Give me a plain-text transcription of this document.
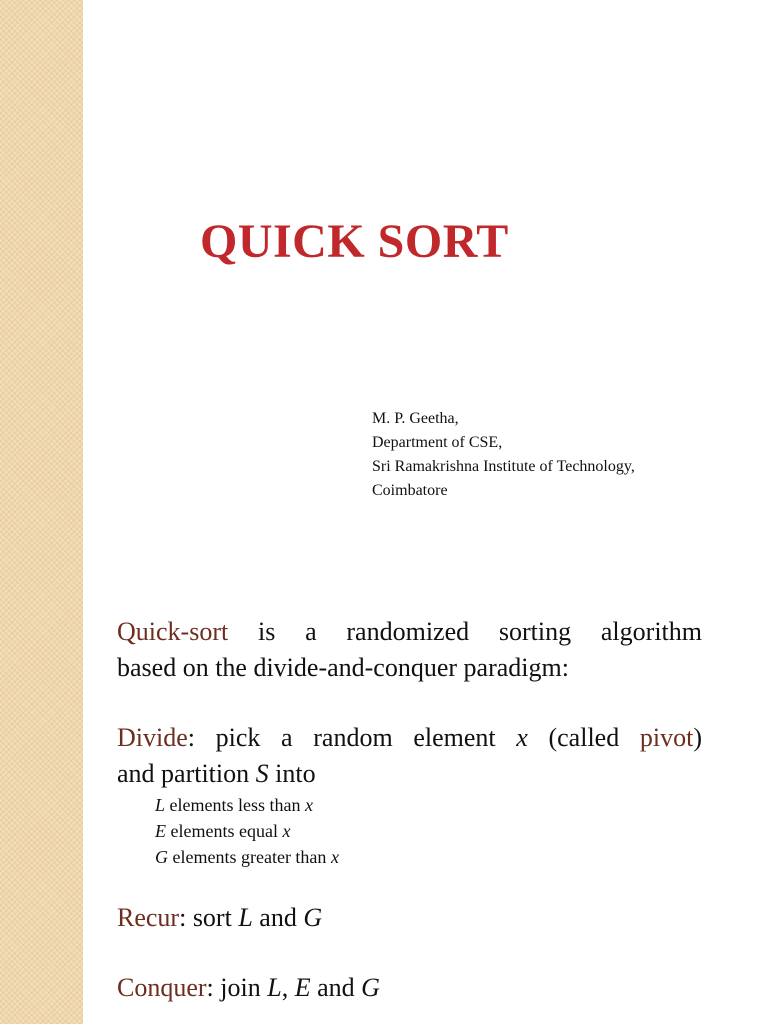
QUICK SORT
M. P. Geetha,
Department of CSE,
Sri Ramakrishna Institute of Technology,
Coimbatore

Quick-sort is a randomized sorting algorithm

based on the divide-and-conquer paradigm:

Divide: pick a random element x (called pivot)

and partition S into

L elements less than x
E elements equal x
G elements greater than x

Recur: sort L and G

Conquer: join L, E and G
